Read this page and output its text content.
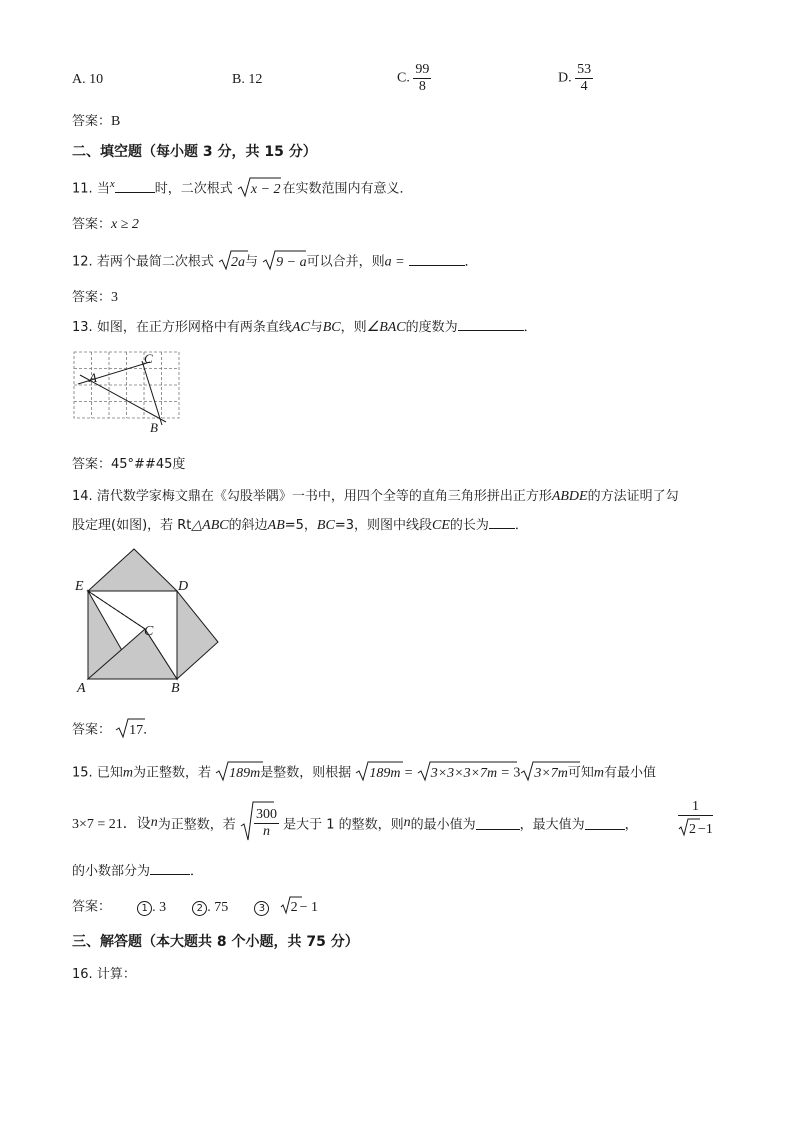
A. 10	B. 12	C. $\frac{99}{8}$	D. $\frac{53}{4}$
答案：B
二、填空题（每小题 3 分，共 15 分）
11. 当$^x$	时，二次根式 x − 2 在实数范围内有意义．
答案：x ≥ 2
12. 若两个最简二次根式 2a与 9 − a可以合并，则a =	．
答案：3
13. 如图，在正方形网格中有两条直线AC与BC，则∠BAC的度数为	．
A
C
B
答案：45°##45度
14. 清代数学家梅文鼎在《勾股举隅》一书中，用四个全等的直角三角形拼出正方形ABDE的方法证明了勾
股定理(如图)，若 Rt△ABC的斜边AB=5，BC=3，则图中线段CE的长为 ．
E	D
C
A	B
答案： 17．
15. 已知m为正整数，若 189m是整数，则根据 189m = 3×3×3×7m = 3 3×7m可知m有最小值
3×7 = 21．设n为正整数，若 $\frac{300}{n}$ 是大于 1 的整数，则n的最小值为	，最大值为	，
1
2 −1
的小数部分为	．
答案：	1 . 3	2 . 75	3 2 − 1
三、解答题（本大题共 8 个小题，共 75 分）
16. 计算：
